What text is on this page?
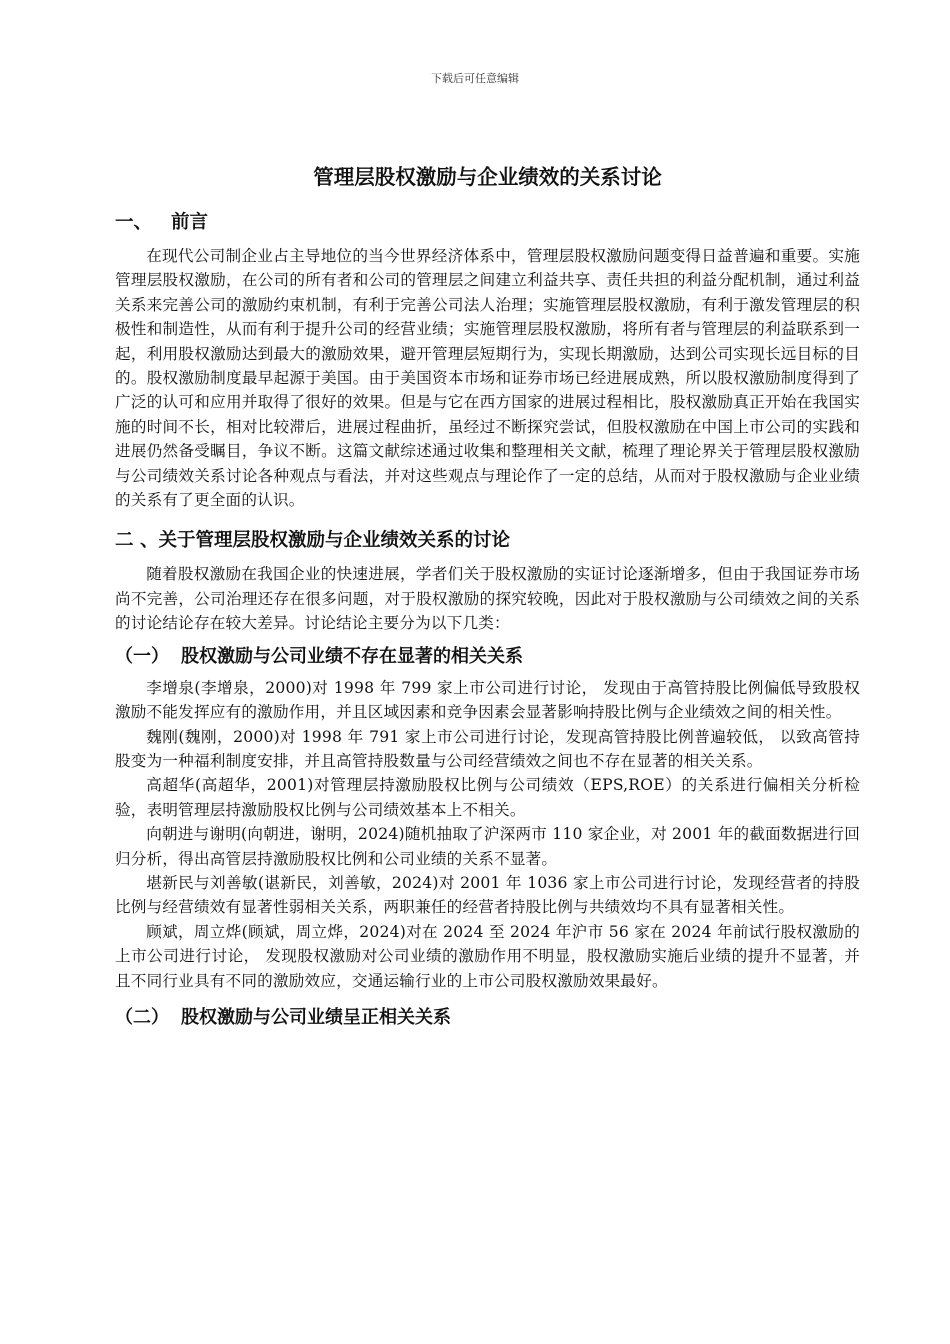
下载后可任意编辑
管理层股权激励与企业绩效的关系讨论
一、 前言

在现代公司制企业占主导地位的当今世界经济体系中，管理层股权激励问题变得日益普遍和重要。实施管理层股权激励，在公司的所有者和公司的管理层之间建立利益共享、责任共担的利益分配机制，通过利益关系来完善公司的激励约束机制，有利于完善公司法人治理；实施管理层股权激励，有利于激发管理层的积极性和制造性，从而有利于提升公司的经营业绩；实施管理层股权激励，将所有者与管理层的利益联系到一起，利用股权激励达到最大的激励效果，避开管理层短期行为，实现长期激励，达到公司实现长远目标的目的。股权激励制度最早起源于美国。由于美国资本市场和证券市场已经进展成熟，所以股权激励制度得到了广泛的认可和应用并取得了很好的效果。但是与它在西方国家的进展过程相比，股权激励真正开始在我国实施的时间不长，相对比较滞后，进展过程曲折，虽经过不断探究尝试，但股权激励在中国上市公司的实践和进展仍然备受瞩目，争议不断。这篇文献综述通过收集和整理相关文献，梳理了理论界关于管理层股权激励与公司绩效关系讨论各种观点与看法，并对这些观点与理论作了一定的总结，从而对于股权激励与企业业绩的关系有了更全面的认识。

二 、关于管理层股权激励与企业绩效关系的讨论

随着股权激励在我国企业的快速进展，学者们关于股权激励的实证讨论逐渐增多，但由于我国证券市场尚不完善，公司治理还存在很多问题，对于股权激励的探究较晚，因此对于股权激励与公司绩效之间的关系的讨论结论存在较大差异。讨论结论主要分为以下几类：

（一） 股权激励与公司业绩不存在显著的相关关系

李增泉(李增泉，2000)对 1998 年 799 家上市公司进行讨论， 发现由于高管持股比例偏低导致股权激励不能发挥应有的激励作用，并且区域因素和竞争因素会显著影响持股比例与企业绩效之间的相关性。

魏刚(魏刚，2000)对 1998 年 791 家上市公司进行讨论，发现高管持股比例普遍较低， 以致高管持股变为一种福利制度安排，并且高管持股数量与公司经营绩效之间也不存在显著的相关关系。

高超华(高超华，2001)对管理层持激励股权比例与公司绩效（EPS,ROE）的关系进行偏相关分析检验，表明管理层持激励股权比例与公司绩效基本上不相关。

向朝进与谢明(向朝进，谢明，2024)随机抽取了沪深两市 110 家企业，对 2001 年的截面数据进行回归分析，得出高管层持激励股权比例和公司业绩的关系不显著。

堪新民与刘善敏(谌新民，刘善敏，2024)对 2001 年 1036 家上市公司进行讨论，发现经营者的持股比例与经营绩效有显著性弱相关关系，两职兼任的经营者持股比例与共绩效均不具有显著相关性。

顾斌，周立烨(顾斌，周立烨，2024)对在 2024 至 2024 年沪市 56 家在 2024 年前试行股权激励的上市公司进行讨论， 发现股权激励对公司业绩的激励作用不明显，股权激励实施后业绩的提升不显著，并且不同行业具有不同的激励效应，交通运输行业的上市公司股权激励效果最好。

（二） 股权激励与公司业绩呈正相关关系
